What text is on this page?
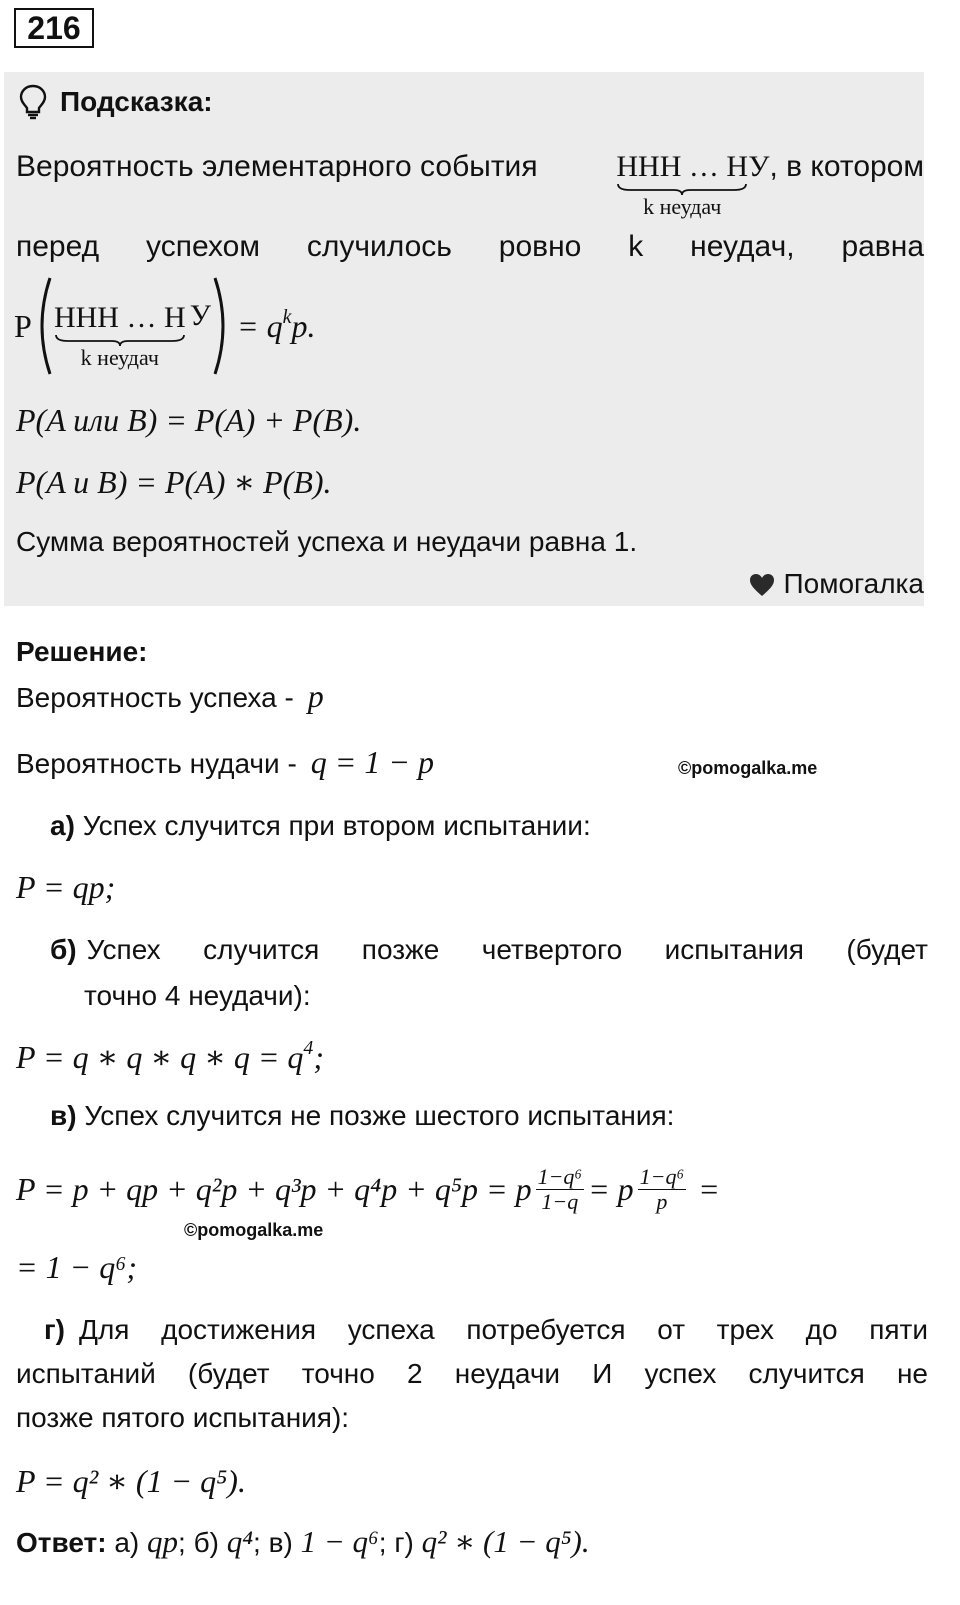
216
Подсказка:
Вероятность элементарного события	ННН … Н
k неудач
У , в котором
перед успехом случилось ровно k неудач, равна
P ННН … Н
k неудач
$У = q^kp$.
P(A или B) = P(A) + P(B).
P(A и B) = P(A) ∗ P(B).
Сумма вероятностей успеха и неудачи равна 1.
Помогалка
Решение:
Вероятность успеха - p
Вероятность нудачи - q = 1 − p	©pomogalka.me
а) Успех случится при втором испытании:
P = qp;
б) Успех случится позже четвертого испытания (будет
точно 4 неудачи):
P = q ∗ q ∗ q ∗ $q = q^4$;
в) Успех случится не позже шестого испытания:
P = p + qp + q²p + q³p + q⁴p + q⁵p = p $\frac{\text{1−q⁶}}{1-q} = p \frac{\text{1−q⁶}}{p}$ =
©pomogalka.me
= 1 − q⁶;
г) Для достижения успеха потребуется от трех до пяти
испытаний (будет точно 2 неудачи И успех случится не
позже пятого испытания):
P = q² ∗ (1 − q⁵).
Ответ: а) qp; б) q⁴; в) 1 − q⁶; г) q² ∗ (1 − q⁵).
